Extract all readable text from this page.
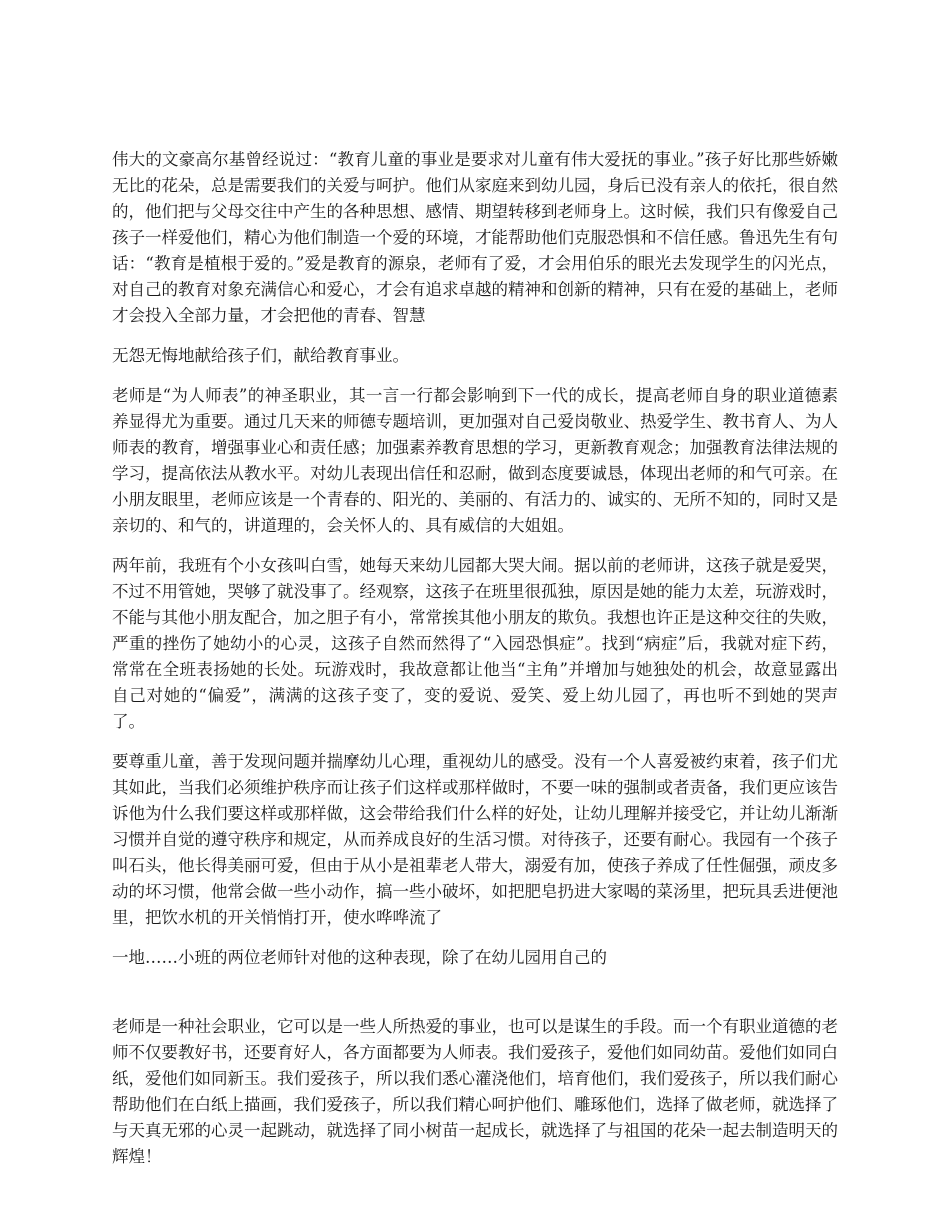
伟大的文豪高尔基曾经说过：“教育儿童的事业是要求对儿童有伟大爱抚的事业。”孩子好比那些娇嫩无比的花朵，总是需要我们的关爱与呵护。他们从家庭来到幼儿园，身后已没有亲人的依托，很自然的，他们把与父母交往中产生的各种思想、感情、期望转移到老师身上。这时候，我们只有像爱自己孩子一样爱他们，精心为他们制造一个爱的环境，才能帮助他们克服恐惧和不信任感。鲁迅先生有句话：“教育是植根于爱的。”爱是教育的源泉，老师有了爱，才会用伯乐的眼光去发现学生的闪光点，对自己的教育对象充满信心和爱心，才会有追求卓越的精神和创新的精神，只有在爱的基础上，老师才会投入全部力量，才会把他的青春、智慧

无怨无悔地献给孩子们，献给教育事业。

老师是“为人师表”的神圣职业，其一言一行都会影响到下一代的成长，提高老师自身的职业道德素养显得尤为重要。通过几天来的师德专题培训，更加强对自己爱岗敬业、热爱学生、教书育人、为人师表的教育，增强事业心和责任感；加强素养教育思想的学习，更新教育观念；加强教育法律法规的学习，提高依法从教水平。对幼儿表现出信任和忍耐，做到态度要诚恳，体现出老师的和气可亲。在小朋友眼里，老师应该是一个青春的、阳光的、美丽的、有活力的、诚实的、无所不知的，同时又是亲切的、和气的，讲道理的，会关怀人的、具有威信的大姐姐。

两年前，我班有个小女孩叫白雪，她每天来幼儿园都大哭大闹。据以前的老师讲，这孩子就是爱哭，不过不用管她，哭够了就没事了。经观察，这孩子在班里很孤独，原因是她的能力太差，玩游戏时，不能与其他小朋友配合，加之胆子有小，常常挨其他小朋友的欺负。我想也许正是这种交往的失败，严重的挫伤了她幼小的心灵，这孩子自然而然得了“入园恐惧症”。找到“病症”后，我就对症下药，常常在全班表扬她的长处。玩游戏时，我故意都让他当“主角”并增加与她独处的机会，故意显露出自己对她的“偏爱”，满满的这孩子变了，变的爱说、爱笑、爱上幼儿园了，再也听不到她的哭声了。

要尊重儿童，善于发现问题并揣摩幼儿心理，重视幼儿的感受。没有一个人喜爱被约束着，孩子们尤其如此，当我们必须维护秩序而让孩子们这样或那样做时，不要一味的强制或者责备，我们更应该告诉他为什么我们要这样或那样做，这会带给我们什么样的好处，让幼儿理解并接受它，并让幼儿渐渐习惯并自觉的遵守秩序和规定，从而养成良好的生活习惯。对待孩子，还要有耐心。我园有一个孩子叫石头，他长得美丽可爱，但由于从小是祖辈老人带大，溺爱有加，使孩子养成了任性倔强，顽皮多动的坏习惯，他常会做一些小动作，搞一些小破坏，如把肥皂扔进大家喝的菜汤里，把玩具丢进便池里，把饮水机的开关悄悄打开，使水哗哗流了

一地……小班的两位老师针对他的这种表现，除了在幼儿园用自己的

老师是一种社会职业，它可以是一些人所热爱的事业，也可以是谋生的手段。而一个有职业道德的老师不仅要教好书，还要育好人，各方面都要为人师表。我们爱孩子，爱他们如同幼苗。爱他们如同白纸，爱他们如同新玉。我们爱孩子，所以我们悉心灌浇他们，培育他们，我们爱孩子，所以我们耐心帮助他们在白纸上描画，我们爱孩子，所以我们精心呵护他们、雕琢他们，选择了做老师，就选择了与天真无邪的心灵一起跳动，就选择了同小树苗一起成长，就选择了与祖国的花朵一起去制造明天的辉煌！
